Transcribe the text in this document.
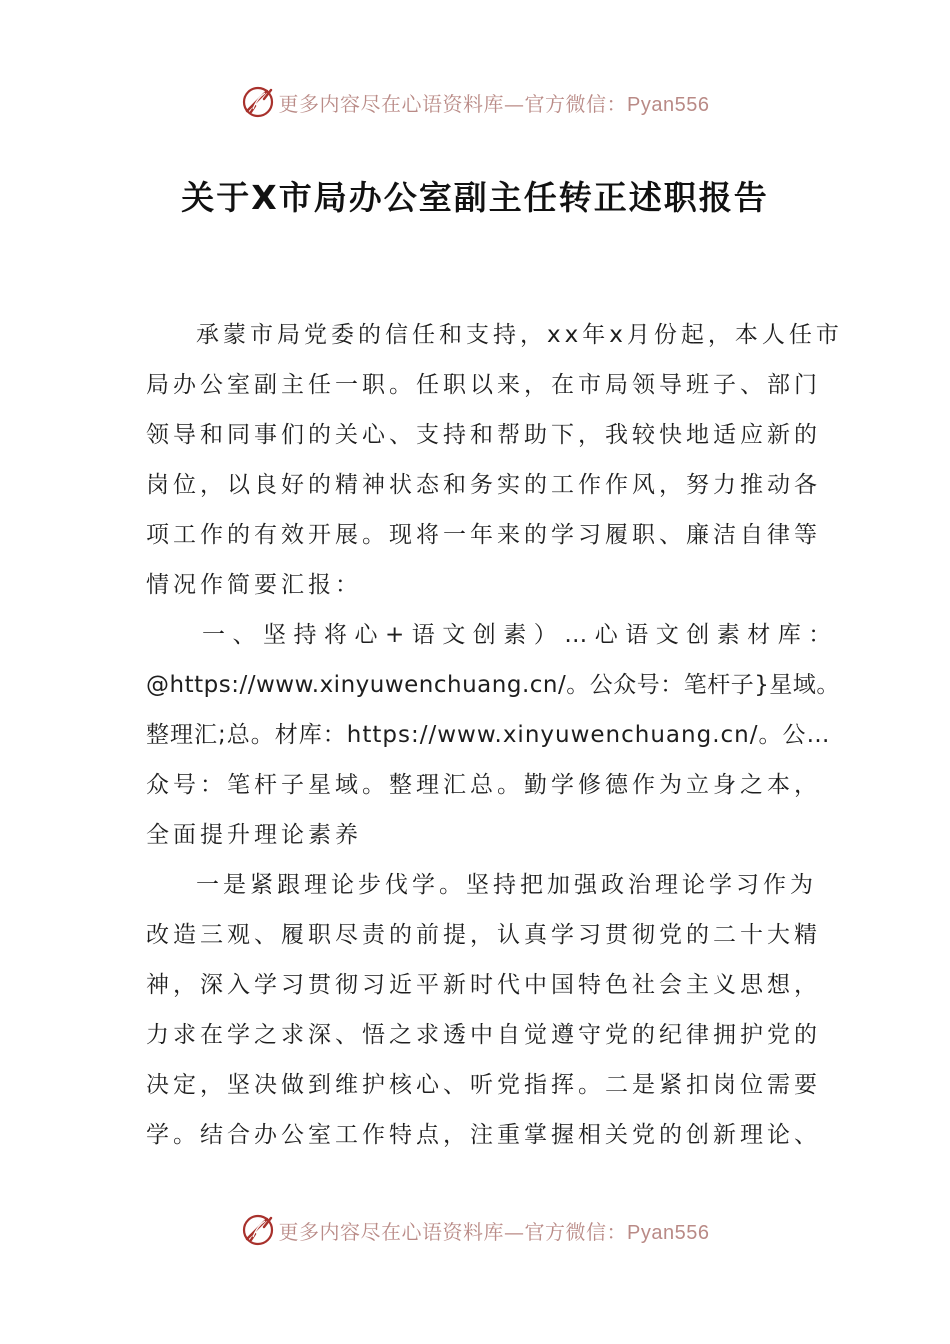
更多内容尽在心语资料库—官方微信：Pyan556
关于X市局办公室副主任转正述职报告
承蒙市局党委的信任和支持，xx年x月份起，本人任市
局办公室副主任一职。任职以来，在市局领导班子、部门
领导和同事们的关心、支持和帮助下，我较快地适应新的
岗位，以良好的精神状态和务实的工作作风，努力推动各
项工作的有效开展。现将一年来的学习履职、廉洁自律等
情况作简要汇报：
一、坚持将心+语文创素）…心语文创素材库：
@https://www.xinyuwenchuang.cn/。公众号：笔杆子}星域。
整理汇;总。材库：https://www.xinyuwenchuang.cn/。公…
众号：笔杆子星域。整理汇总。勤学修德作为立身之本，
全面提升理论素养
一是紧跟理论步伐学。坚持把加强政治理论学习作为
改造三观、履职尽责的前提，认真学习贯彻党的二十大精
神，深入学习贯彻习近平新时代中国特色社会主义思想，
力求在学之求深、悟之求透中自觉遵守党的纪律拥护党的
决定，坚决做到维护核心、听党指挥。二是紧扣岗位需要
学。结合办公室工作特点，注重掌握相关党的创新理论、
更多内容尽在心语资料库—官方微信：Pyan556
